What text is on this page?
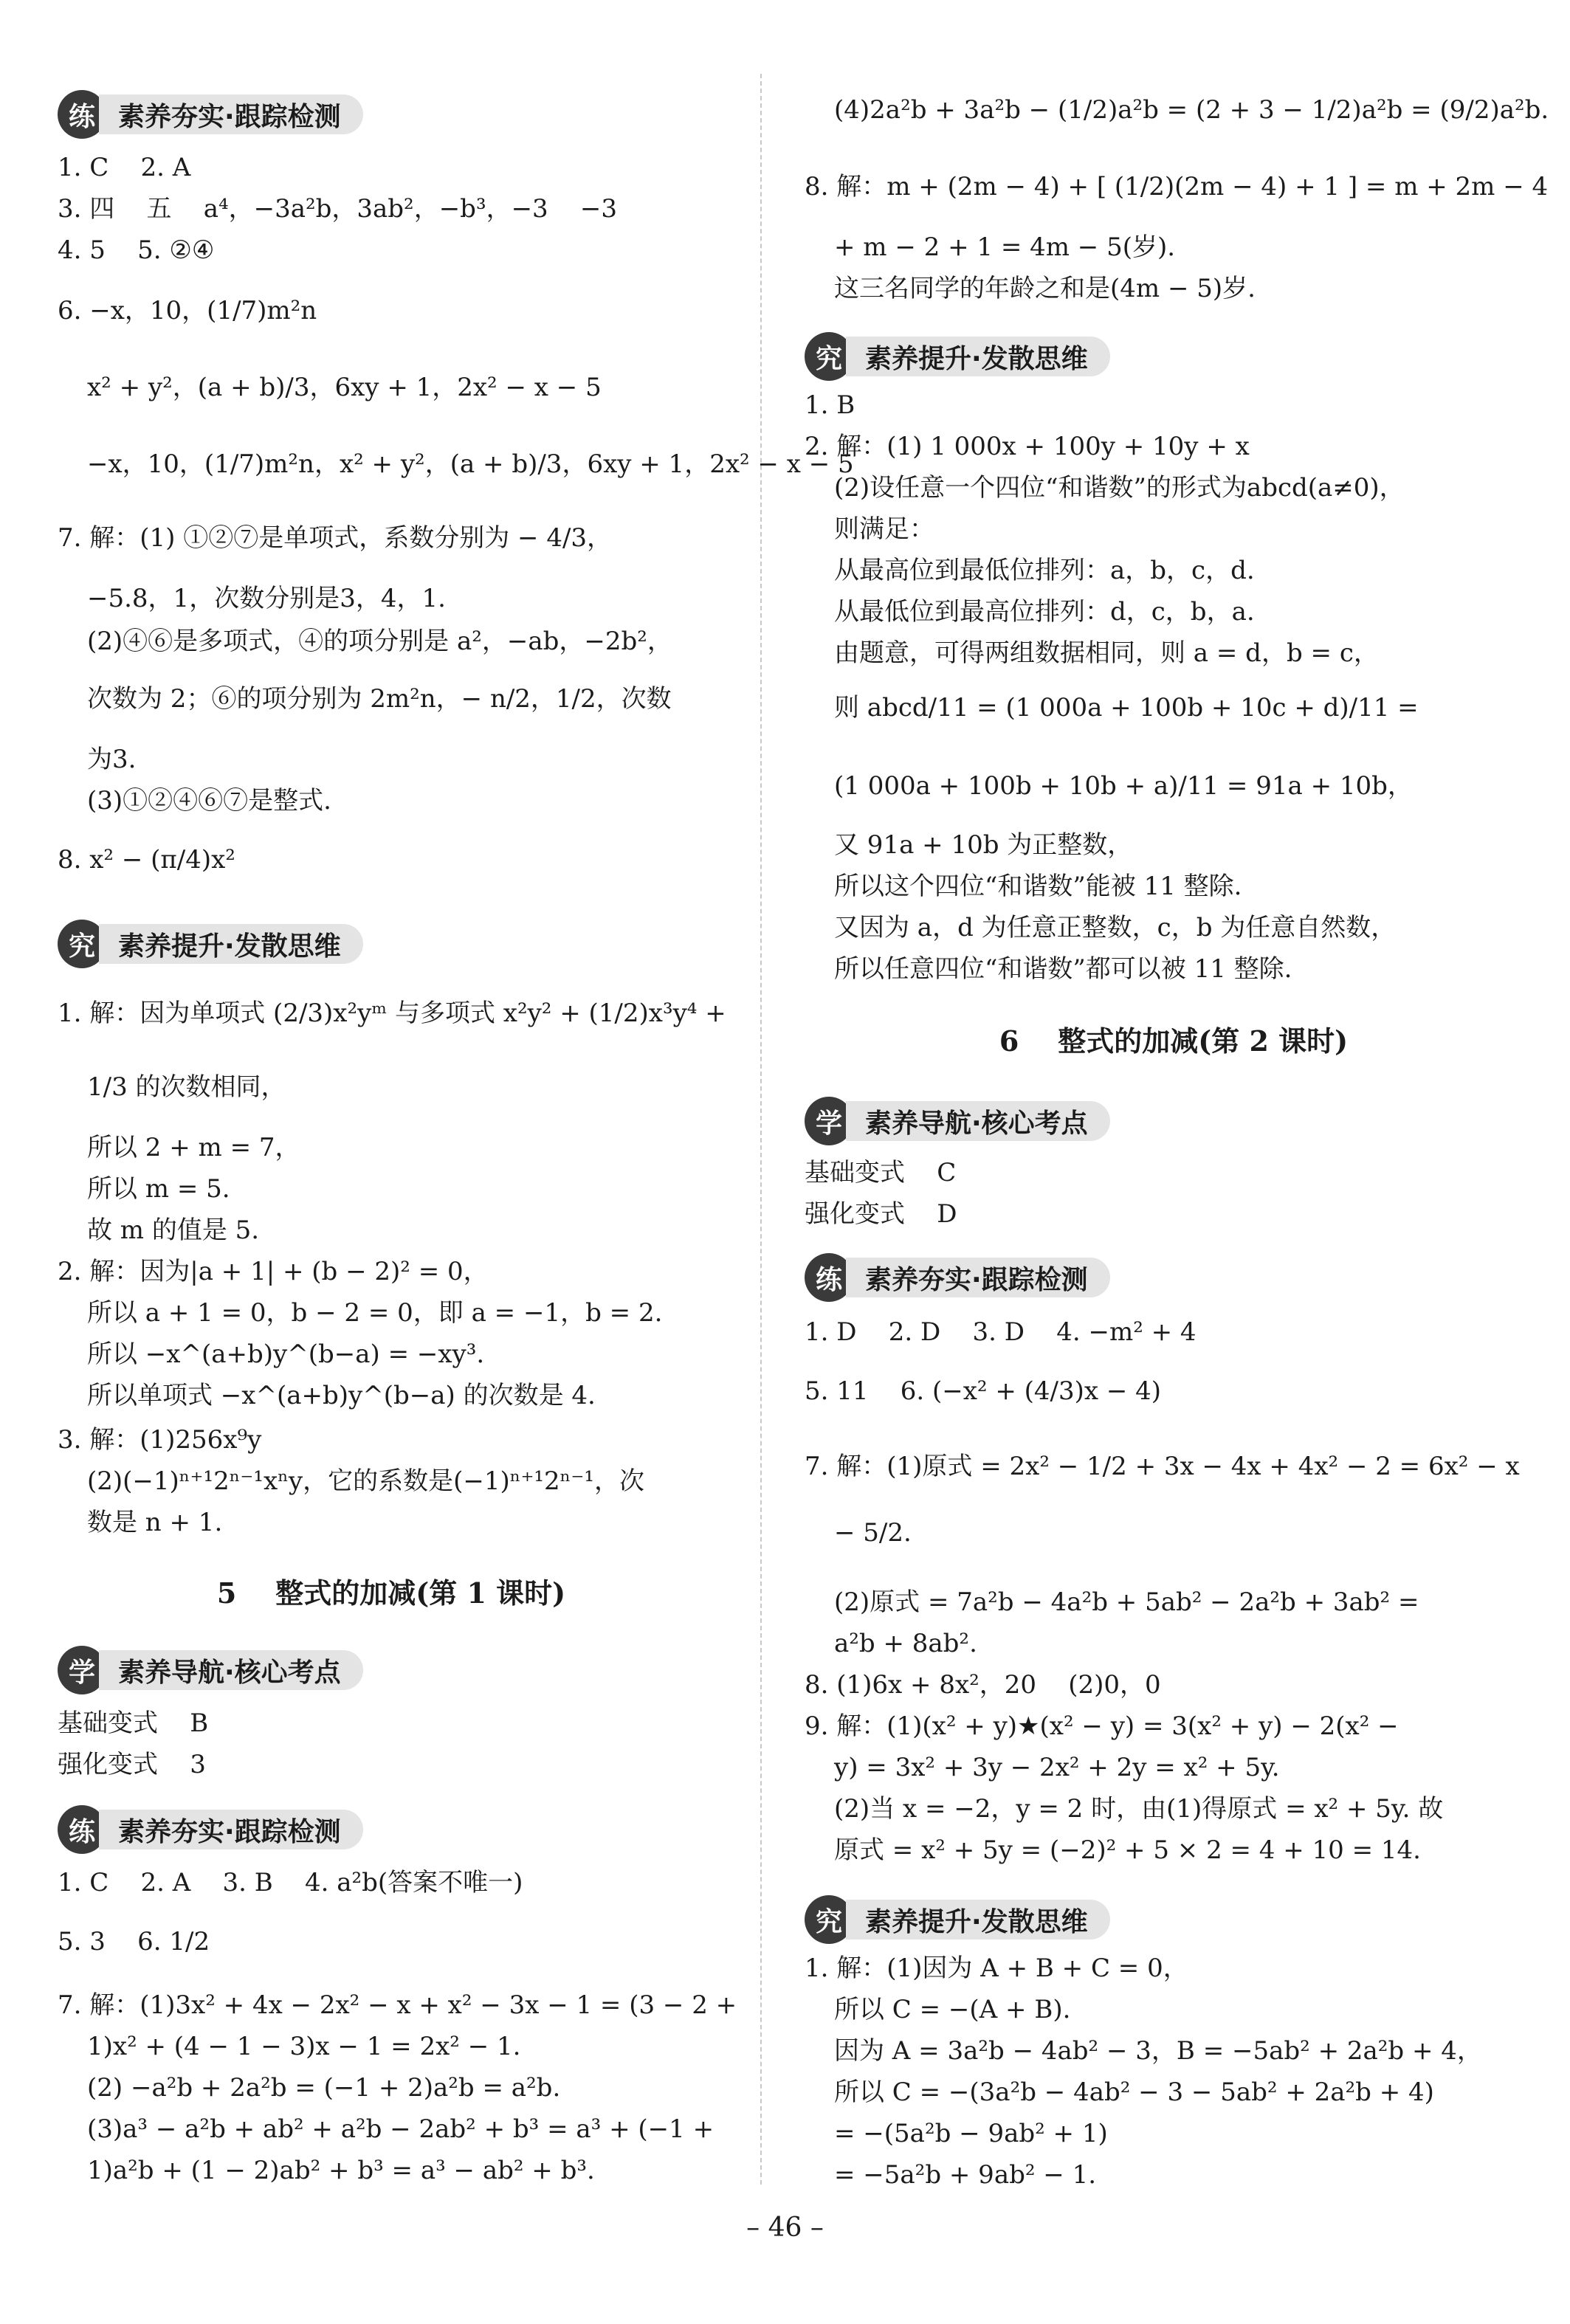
练 素养夯实·跟踪检测
1. C    2. A
3. 四    五    a⁴，−3a²b，3ab²，−b³，−3    −3
4. 5    5. ②④
6. −x，10，(1/7)m²n
x² + y²，(a + b)/3，6xy + 1，2x² − x − 5
−x，10，(1/7)m²n，x² + y²，(a + b)/3，6xy + 1，2x² − x − 5
7. 解：(1) ①②⑦是单项式，系数分别为 − 4/3，
−5.8，1，次数分别是3，4，1.
(2)④⑥是多项式，④的项分别是 a²，−ab，−2b²，
次数为 2；⑥的项分别为 2m²n，− n/2，1/2，次数
为3.
(3)①②④⑥⑦是整式.
8. x² − (π/4)x²
究 素养提升·发散思维
1. 解：因为单项式 (2/3)x²yᵐ 与多项式 x²y² + (1/2)x³y⁴ +
1/3 的次数相同，
所以 2 + m = 7，
所以 m = 5.
故 m 的值是 5.
2. 解：因为|a + 1| + (b − 2)² = 0，
所以 a + 1 = 0，b − 2 = 0，即 a = −1，b = 2.
所以 −x^(a+b)y^(b−a) = −xy³.
所以单项式 −x^(a+b)y^(b−a) 的次数是 4.
3. 解：(1)256x⁹y
(2)(−1)ⁿ⁺¹2ⁿ⁻¹xⁿy，它的系数是(−1)ⁿ⁺¹2ⁿ⁻¹，次
数是 n + 1.
5    整式的加减(第 1 课时)
学 素养导航·核心考点
基础变式    B
强化变式    3
练 素养夯实·跟踪检测
1. C    2. A    3. B    4. a²b(答案不唯一)
5. 3    6. 1/2
7. 解：(1)3x² + 4x − 2x² − x + x² − 3x − 1 = (3 − 2 +
1)x² + (4 − 1 − 3)x − 1 = 2x² − 1.
(2) −a²b + 2a²b = (−1 + 2)a²b = a²b.
(3)a³ − a²b + ab² + a²b − 2ab² + b³ = a³ + (−1 +
1)a²b + (1 − 2)ab² + b³ = a³ − ab² + b³.
(4)2a²b + 3a²b − (1/2)a²b = (2 + 3 − 1/2)a²b = (9/2)a²b.
8. 解：m + (2m − 4) + [ (1/2)(2m − 4) + 1 ] = m + 2m − 4
+ m − 2 + 1 = 4m − 5(岁).
这三名同学的年龄之和是(4m − 5)岁.
究 素养提升·发散思维
1. B
2. 解：(1) 1 000x + 100y + 10y + x
(2)设任意一个四位“和谐数”的形式为abcd(a≠0)，
则满足：
从最高位到最低位排列：a，b，c，d.
从最低位到最高位排列：d，c，b，a.
由题意，可得两组数据相同，则 a = d，b = c，
则 abcd/11 = (1 000a + 100b + 10c + d)/11 =
(1 000a + 100b + 10b + a)/11 = 91a + 10b，
又 91a + 10b 为正整数，
所以这个四位“和谐数”能被 11 整除.
又因为 a，d 为任意正整数，c，b 为任意自然数，
所以任意四位“和谐数”都可以被 11 整除.
6    整式的加减(第 2 课时)
学 素养导航·核心考点
基础变式    C
强化变式    D
练 素养夯实·跟踪检测
1. D    2. D    3. D    4. −m² + 4
5. 11    6. (−x² + (4/3)x − 4)
7. 解：(1)原式 = 2x² − 1/2 + 3x − 4x + 4x² − 2 = 6x² − x
− 5/2.
(2)原式 = 7a²b − 4a²b + 5ab² − 2a²b + 3ab² =
a²b + 8ab².
8. (1)6x + 8x²，20    (2)0，0
9. 解：(1)(x² + y)★(x² − y) = 3(x² + y) − 2(x² −
y) = 3x² + 3y − 2x² + 2y = x² + 5y.
(2)当 x = −2，y = 2 时，由(1)得原式 = x² + 5y. 故
原式 = x² + 5y = (−2)² + 5 × 2 = 4 + 10 = 14.
究 素养提升·发散思维
1. 解：(1)因为 A + B + C = 0，
所以 C = −(A + B).
因为 A = 3a²b − 4ab² − 3，B = −5ab² + 2a²b + 4，
所以 C = −(3a²b − 4ab² − 3 − 5ab² + 2a²b + 4)
= −(5a²b − 9ab² + 1)
= −5a²b + 9ab² − 1.
– 46 –
